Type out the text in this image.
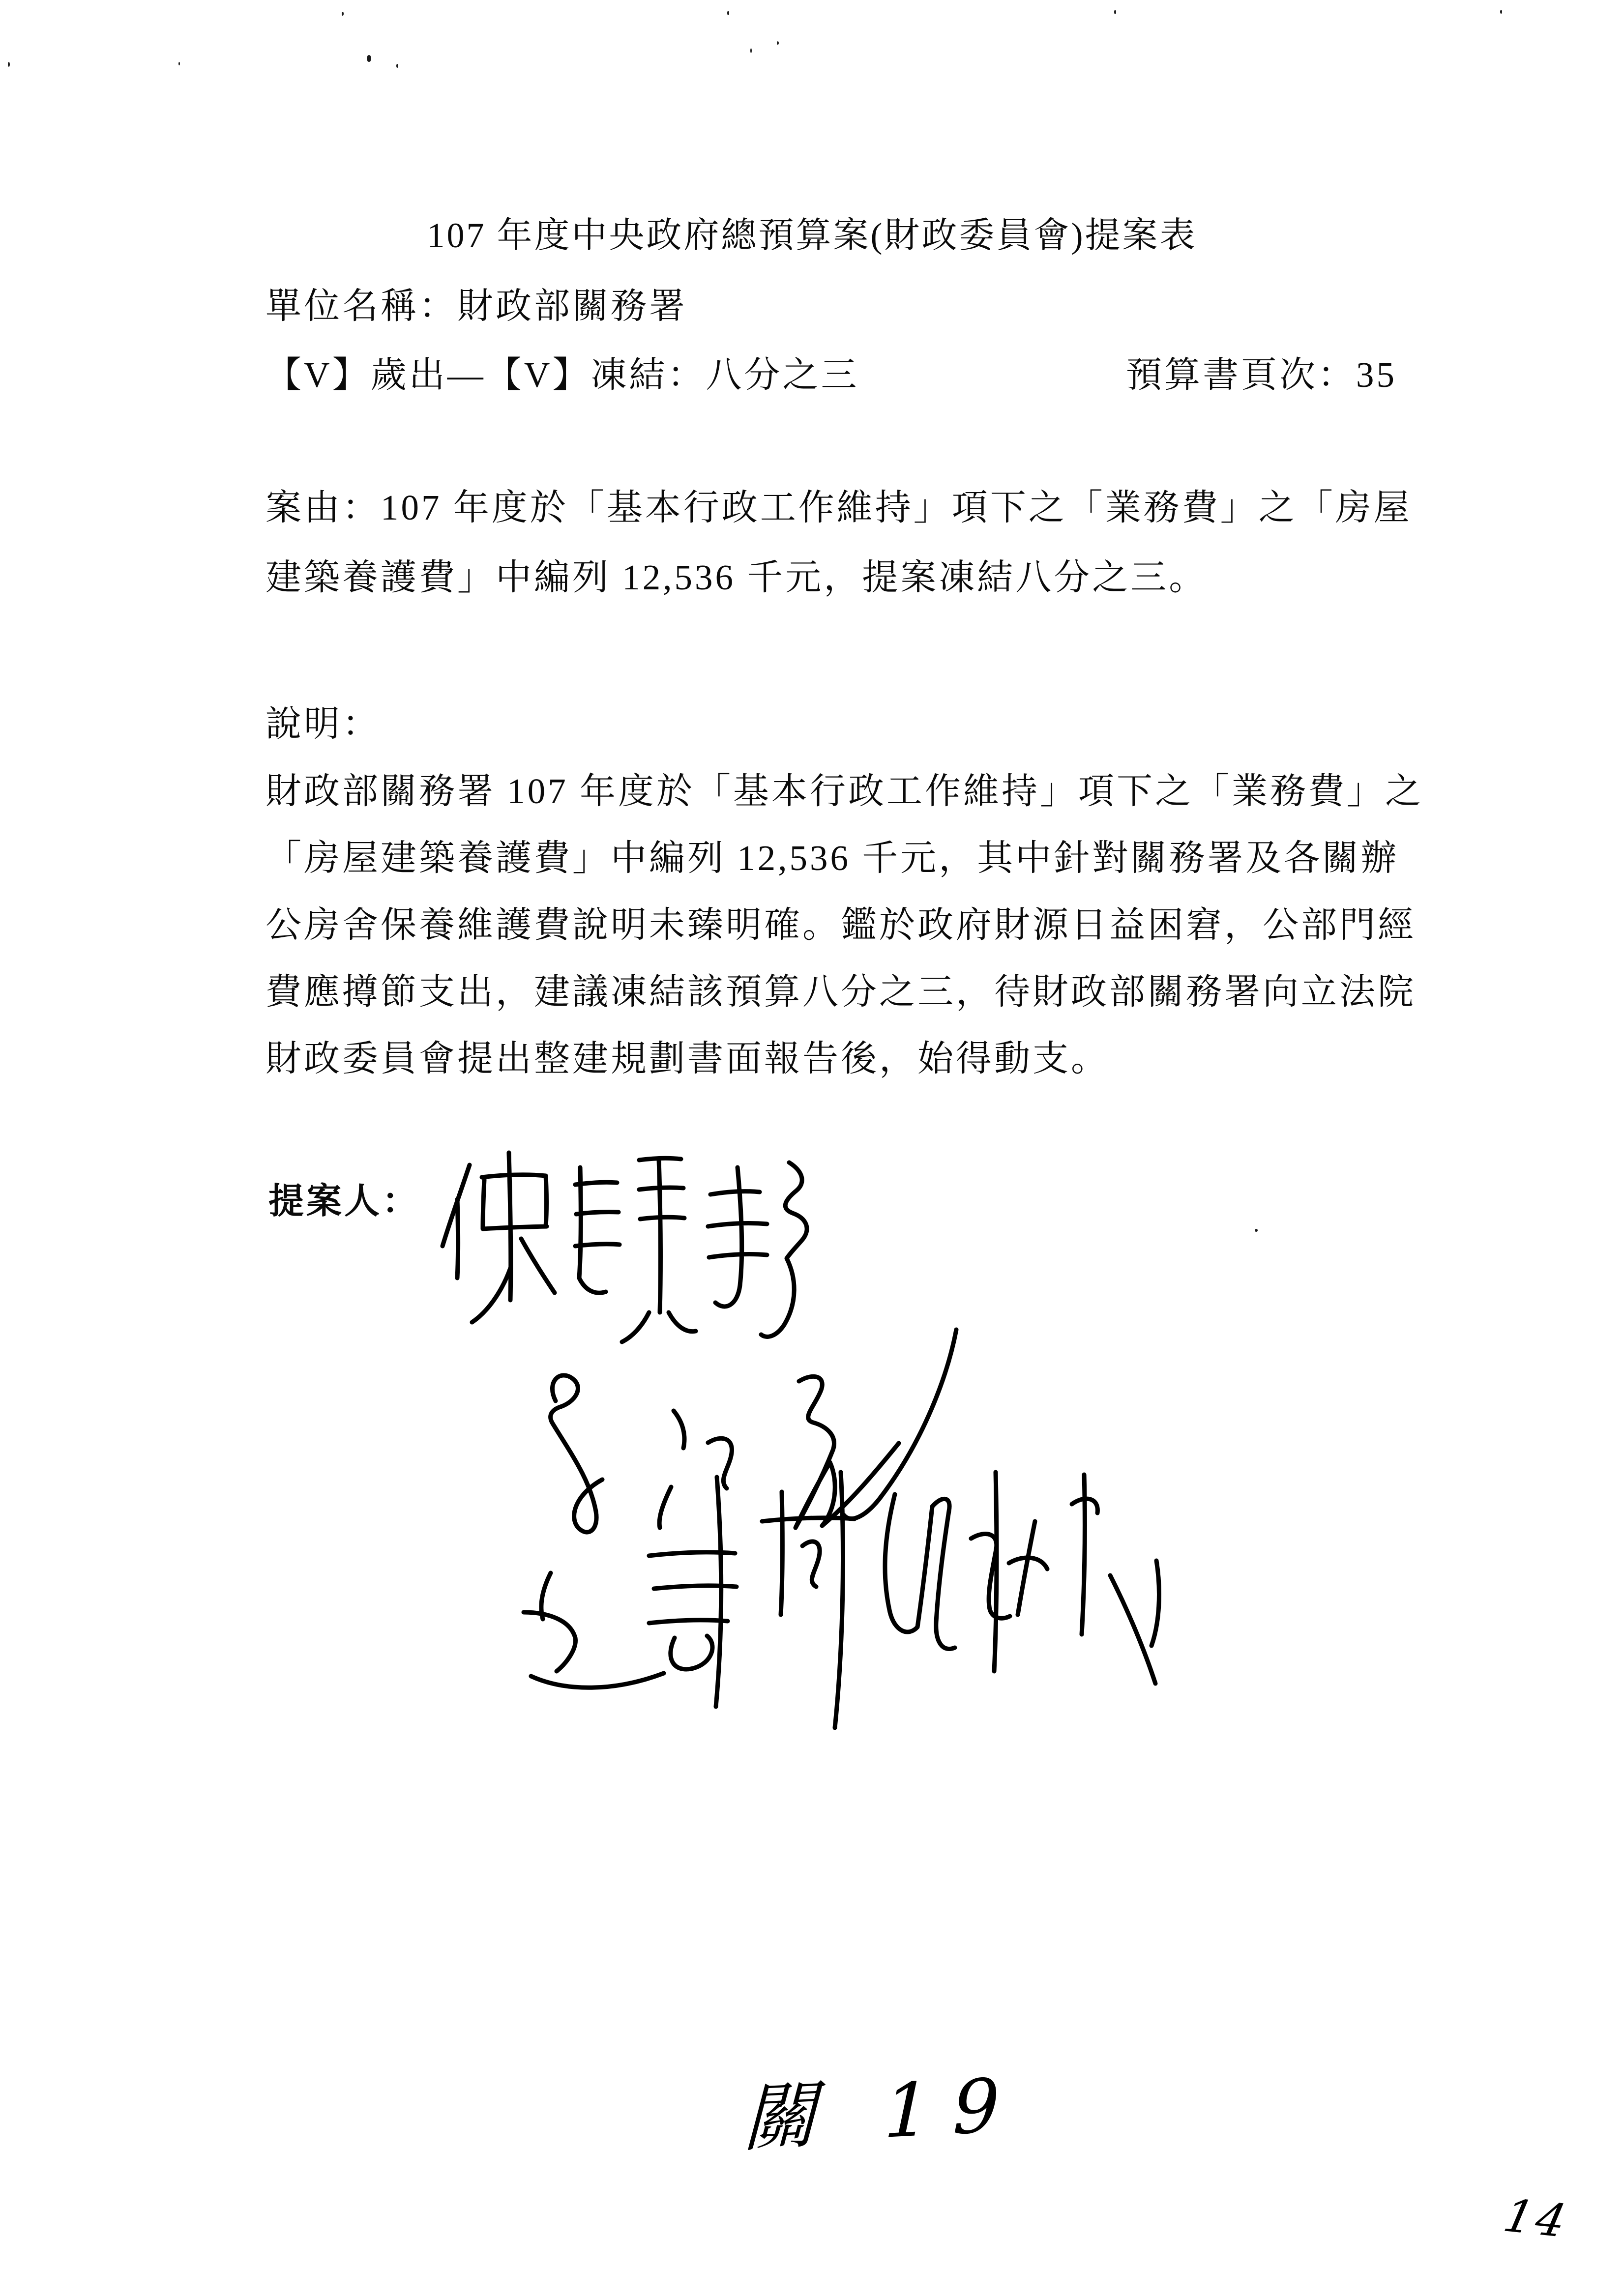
107 年度中央政府總預算案(財政委員會)提案表
單位名稱：財政部關務署
【V】歲出—【V】凍結：八分之三	預算書頁次：35
案由：107 年度於「基本行政工作維持」項下之「業務費」之「房屋
建築養護費」中編列 12,536 千元，提案凍結八分之三。
說明：
財政部關務署 107 年度於「基本行政工作維持」項下之「業務費」之
「房屋建築養護費」中編列 12,536 千元，其中針對關務署及各關辦
公房舍保養維護費說明未臻明確。鑑於政府財源日益困窘，公部門經
費應撙節支出，建議凍結該預算八分之三，待財政部關務署向立法院
財政委員會提出整建規劃書面報告後，始得動支。
提案人：
關 19
14
